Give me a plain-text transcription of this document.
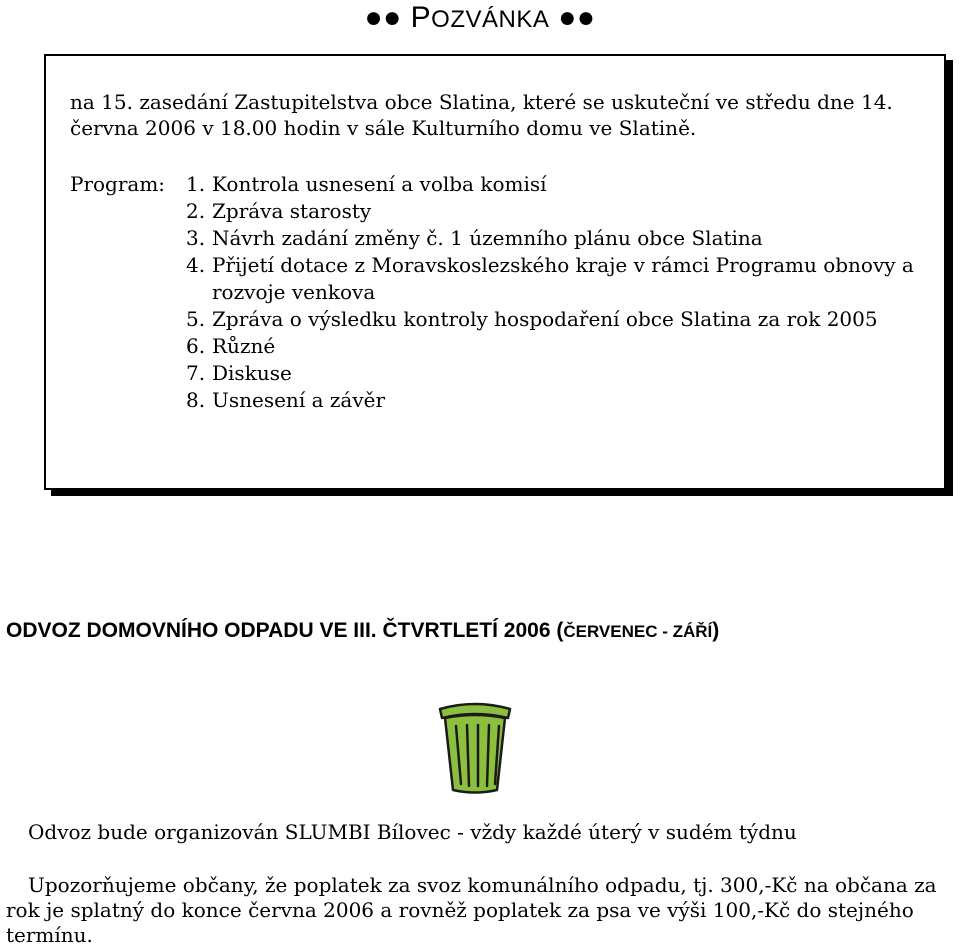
●● POZVÁNKA ●●
na 15. zasedání Zastupitelstva obce Slatina, které se uskuteční ve středu dne 14. června 2006 v 18.00 hodin v sále Kulturního domu ve Slatině.
Program: 1. Kontrola usnesení a volba komisí
2. Zpráva starosty
3. Návrh zadání změny č. 1 územního plánu obce Slatina
4. Přijetí dotace z Moravskoslezského kraje v rámci Programu obnovy a rozvoje venkova
5. Zpráva o výsledku kontroly hospodaření obce Slatina za rok 2005
6. Různé
7. Diskuse
8. Usnesení a závěr
ODVOZ DOMOVNÍHO ODPADU VE III. ČTVRTLETÍ 2006 (ČERVENEC - ZÁŘÍ)
Odvoz bude organizován SLUMBI Bílovec - vždy každé úterý v sudém týdnu
Upozorňujeme občany, že poplatek za svoz komunálního odpadu, tj. 300,-Kč na občana za rok je splatný do konce června 2006 a rovněž poplatek za psa ve výši 100,-Kč do stejného termínu.
